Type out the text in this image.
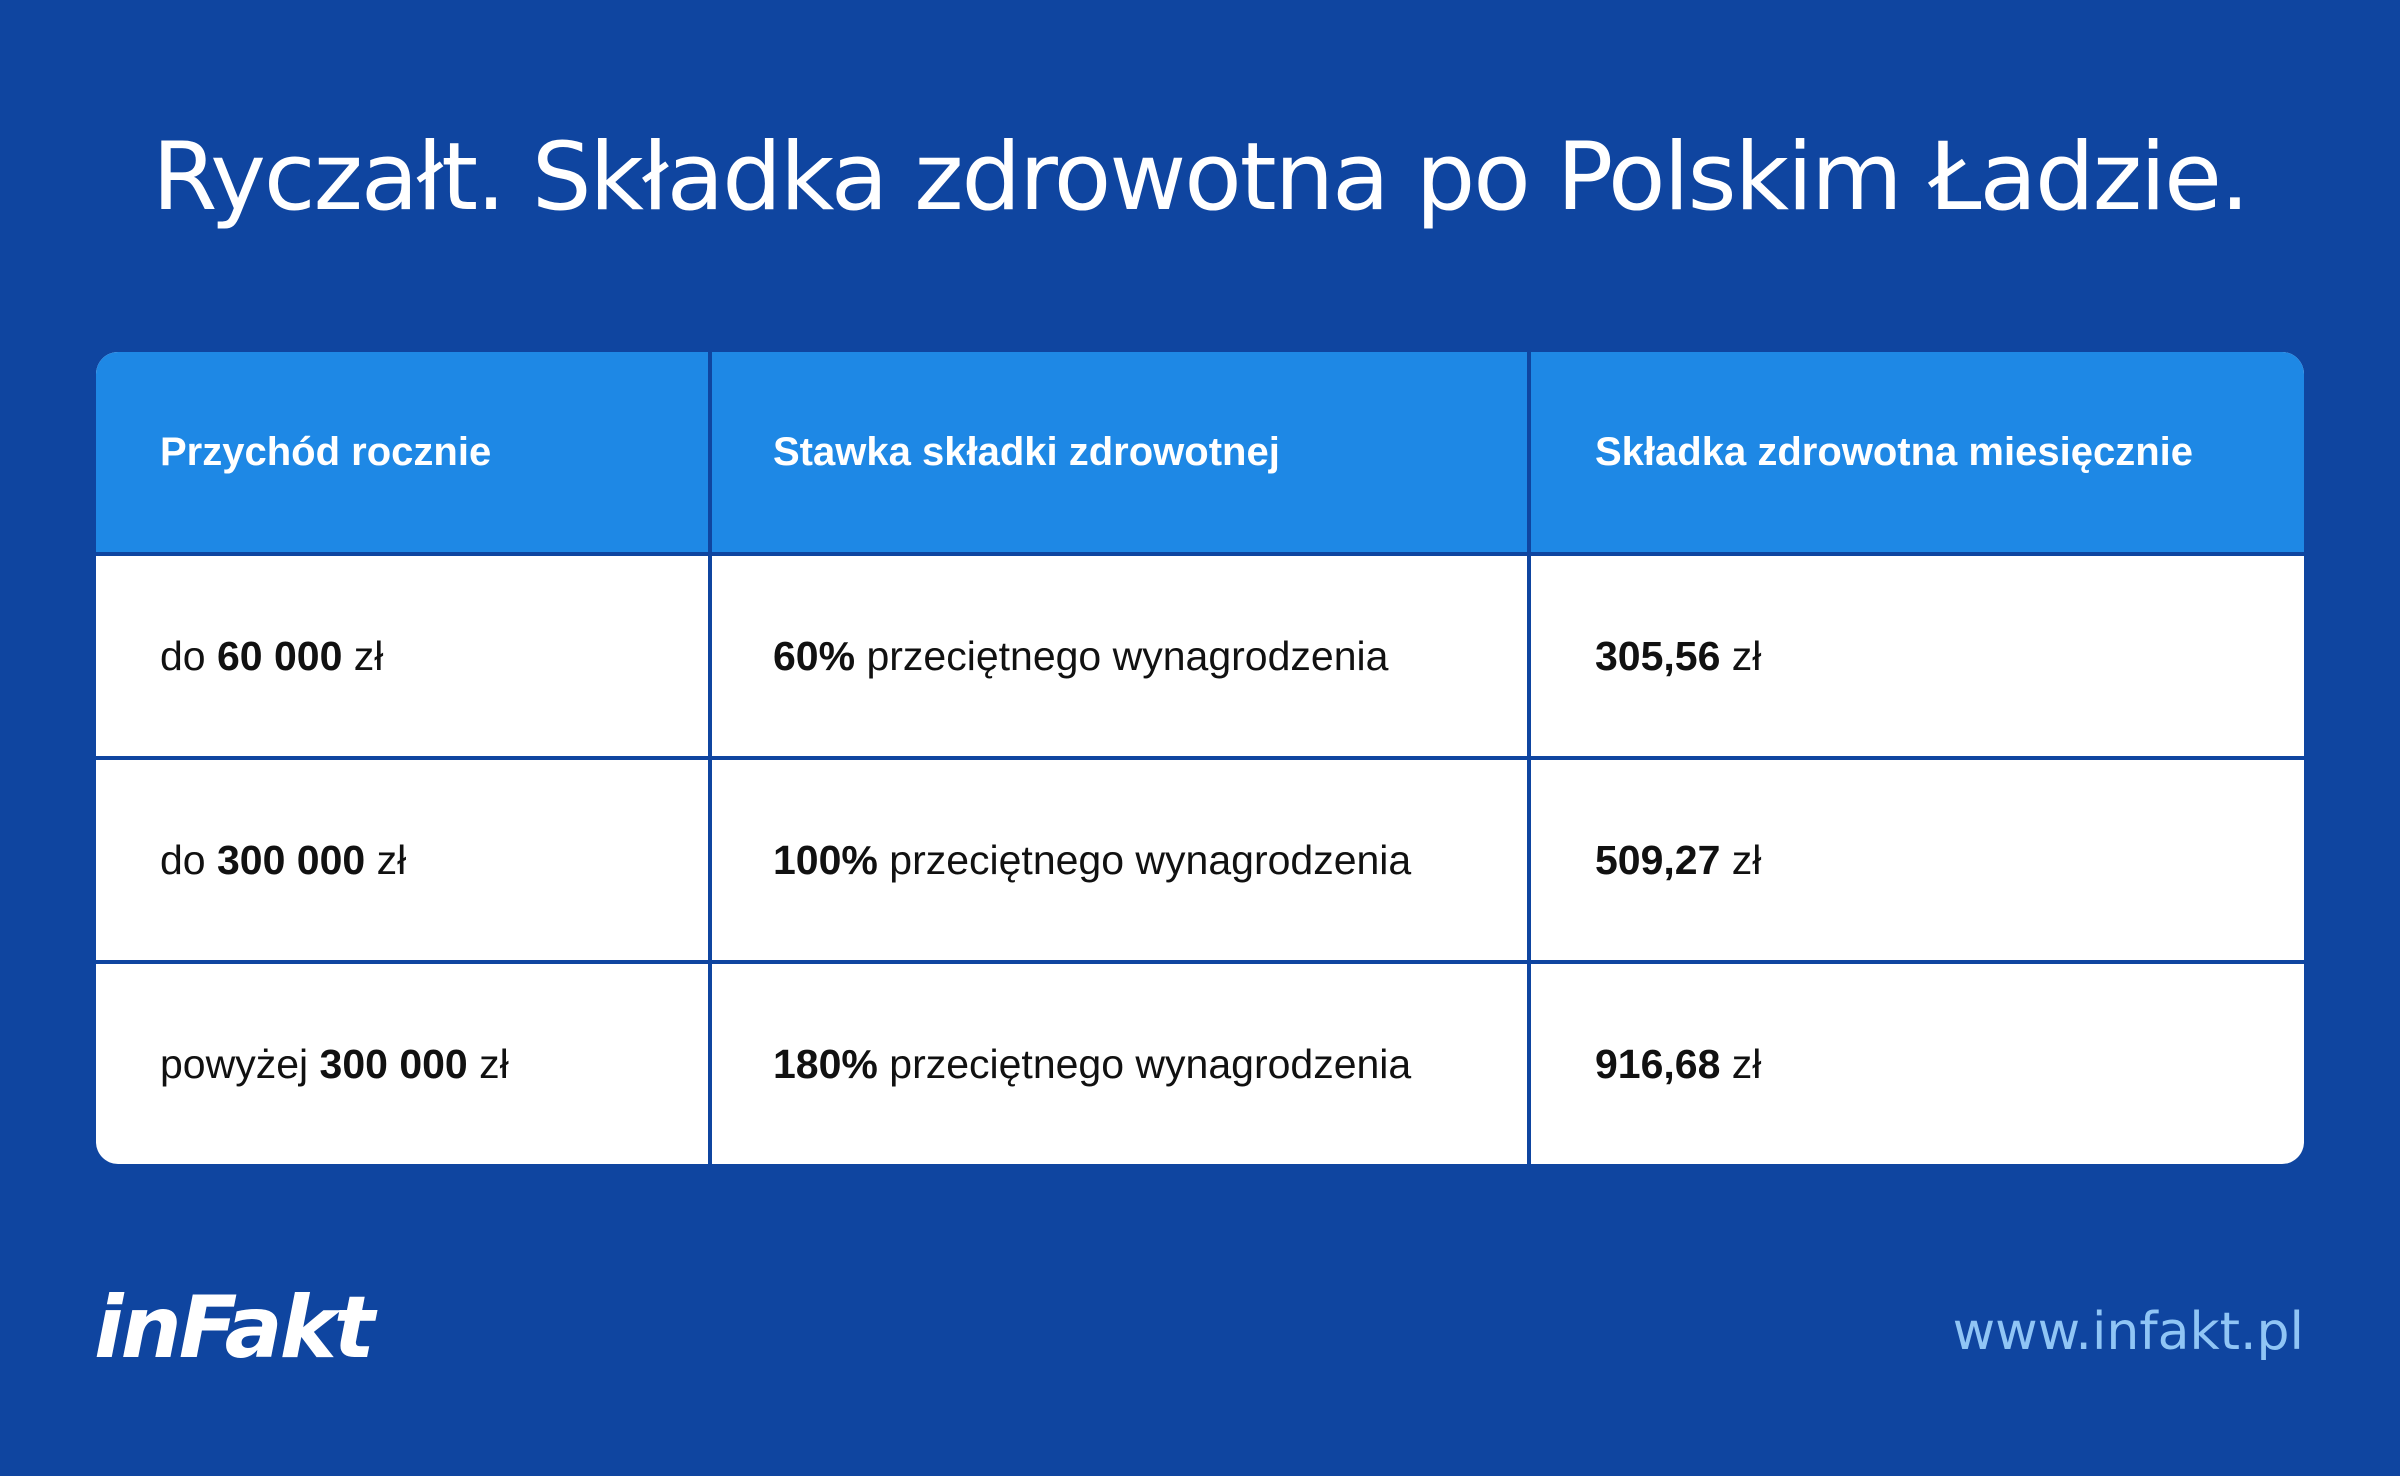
Ryczałt. Składka zdrowotna po Polskim Ładzie.
Przychód rocznie	Stawka składki zdrowotnej	Składka zdrowotna miesięcznie
do 60 000 zł	60% przeciętnego wynagrodzenia	305,56 zł
do 300 000 zł	100% przeciętnego wynagrodzenia	509,27 zł
powyżej 300 000 zł	180% przeciętnego wynagrodzenia	916,68 zł
inFakt	www.infakt.pl
